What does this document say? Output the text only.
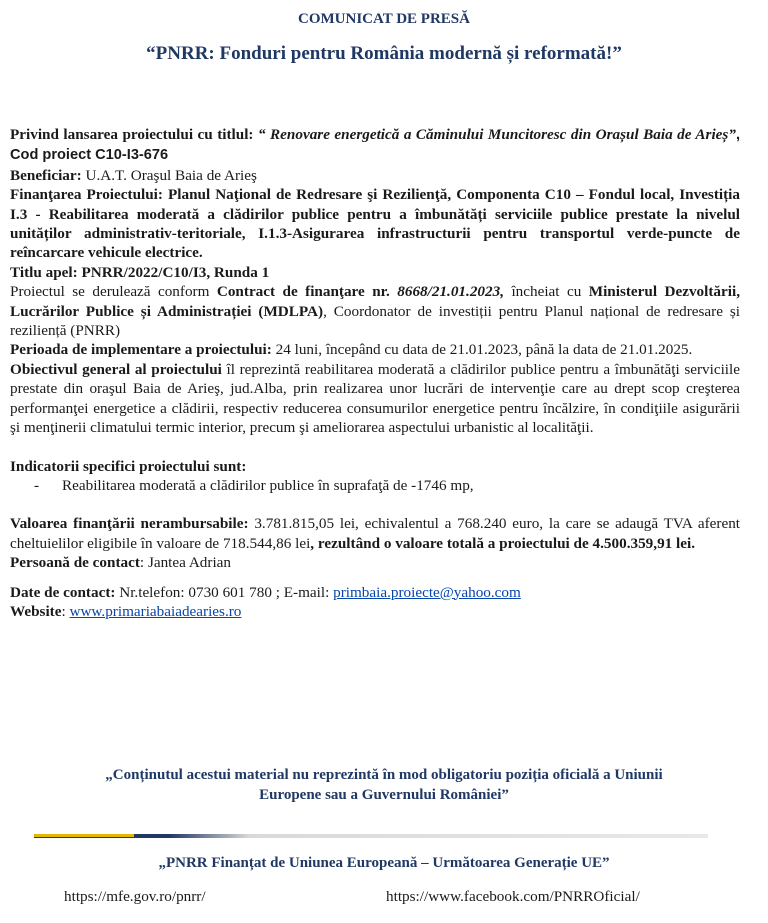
COMUNICAT DE PRESĂ
“PNRR: Fonduri pentru România modernă și reformată!”

Privind lansarea proiectului cu titlul: “ Renovare energetică a Căminului Muncitoresc din Orașul Baia de Arieș”, Cod proiect C10-I3-676

Beneficiar: U.A.T. Oraşul Baia de Arieş

Finanţarea Proiectului: Planul Naţional de Redresare şi Rezilienţă, Componenta C10 – Fondul local, Investiția I.3 - Reabilitarea moderată a clădirilor publice pentru a îmbunătăți serviciile publice prestate la nivelul unităților administrativ-teritoriale, I.1.3-Asigurarea infrastructurii pentru transportul verde-puncte de reîncarcare vehicule electrice.

Titlu apel: PNRR/2022/C10/I3, Runda 1

Proiectul se derulează conform Contract de finanţare nr. 8668/21.01.2023, încheiat cu Ministerul Dezvoltării, Lucrărilor Publice și Administrației (MDLPA), Coordonator de investiții pentru Planul național de redresare și reziliență (PNRR)

Perioada de implementare a proiectului: 24 luni, începând cu data de 21.01.2023, până la data de 21.01.2025.

Obiectivul general al proiectului îl reprezintă reabilitarea moderată a clădirilor publice pentru a îmbunătăţi serviciile prestate din oraşul Baia de Arieş, jud.Alba, prin realizarea unor lucrări de intervenţie care au drept scop creşterea performanţei energetice a clădirii, respectiv reducerea consumurilor energetice pentru încălzire, în condiţiile asigurării şi menţinerii climatului termic interior, precum şi ameliorarea aspectului urbanistic al localităţii.

Indicatorii specifici proiectului sunt:

- Reabilitarea moderată a clădirilor publice în suprafaţă de -1746 mp,

Valoarea finanţării nerambursabile: 3.781.815,05 lei, echivalentul a 768.240 euro, la care se adaugă TVA aferent cheltuielilor eligibile în valoare de 718.544,86 lei, rezultând o valoare totală a proiectului de 4.500.359,91 lei.

Persoană de contact: Jantea Adrian

Date de contact: Nr.telefon: 0730 601 780 ; E-mail: primbaia.proiecte@yahoo.com

Website: www.primariabaiadearies.ro

„Conținutul acestui material nu reprezintă în mod obligatoriu poziția oficială a Uniunii
Europene sau a Guvernului României”
„PNRR Finanțat de Uniunea Europeană – Următoarea Generație UE”
https://mfe.gov.ro/pnrr/	https://www.facebook.com/PNRROficial/
